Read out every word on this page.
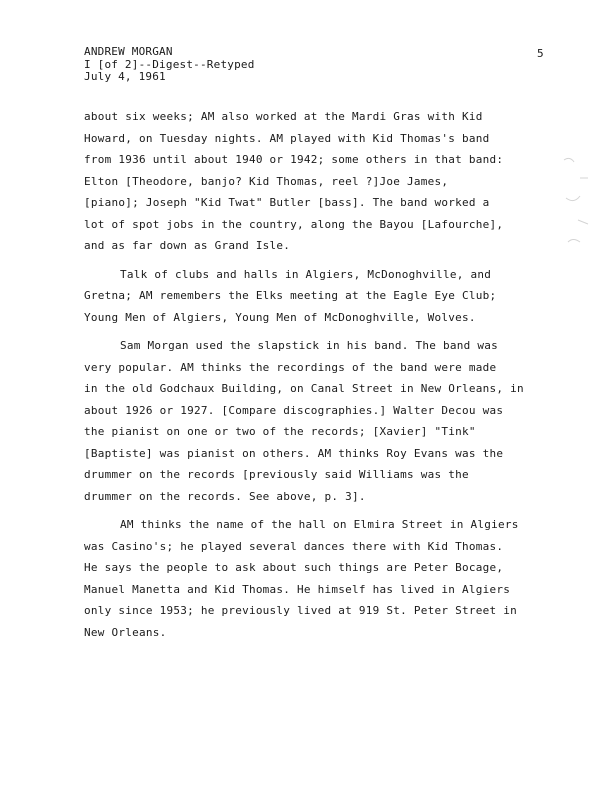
ANDREW MORGAN
I [of 2]--Digest--Retyped
July 4, 1961
5
about six weeks; AM also worked at the Mardi Gras with Kid
Howard, on Tuesday nights. AM played with Kid Thomas's band
from 1936 until about 1940 or 1942; some others in that band:
Elton [Theodore, banjo? Kid Thomas, reel ?]Joe James,
[piano]; Joseph "Kid Twat" Butler [bass]. The band worked a
lot of spot jobs in the country, along the Bayou [Lafourche],
and as far down as Grand Isle.
Talk of clubs and halls in Algiers, McDonoghville, and
Gretna; AM remembers the Elks meeting at the Eagle Eye Club;
Young Men of Algiers, Young Men of McDonoghville, Wolves.
Sam Morgan used the slapstick in his band. The band was
very popular. AM thinks the recordings of the band were made
in the old Godchaux Building, on Canal Street in New Orleans, in
about 1926 or 1927. [Compare discographies.] Walter Decou was
the pianist on one or two of the records; [Xavier] "Tink"
[Baptiste] was pianist on others. AM thinks Roy Evans was the
drummer on the records [previously said Williams was the
drummer on the records. See above, p. 3].
AM thinks the name of the hall on Elmira Street in Algiers
was Casino's; he played several dances there with Kid Thomas.
He says the people to ask about such things are Peter Bocage,
Manuel Manetta and Kid Thomas. He himself has lived in Algiers
only since 1953; he previously lived at 919 St. Peter Street in
New Orleans.
